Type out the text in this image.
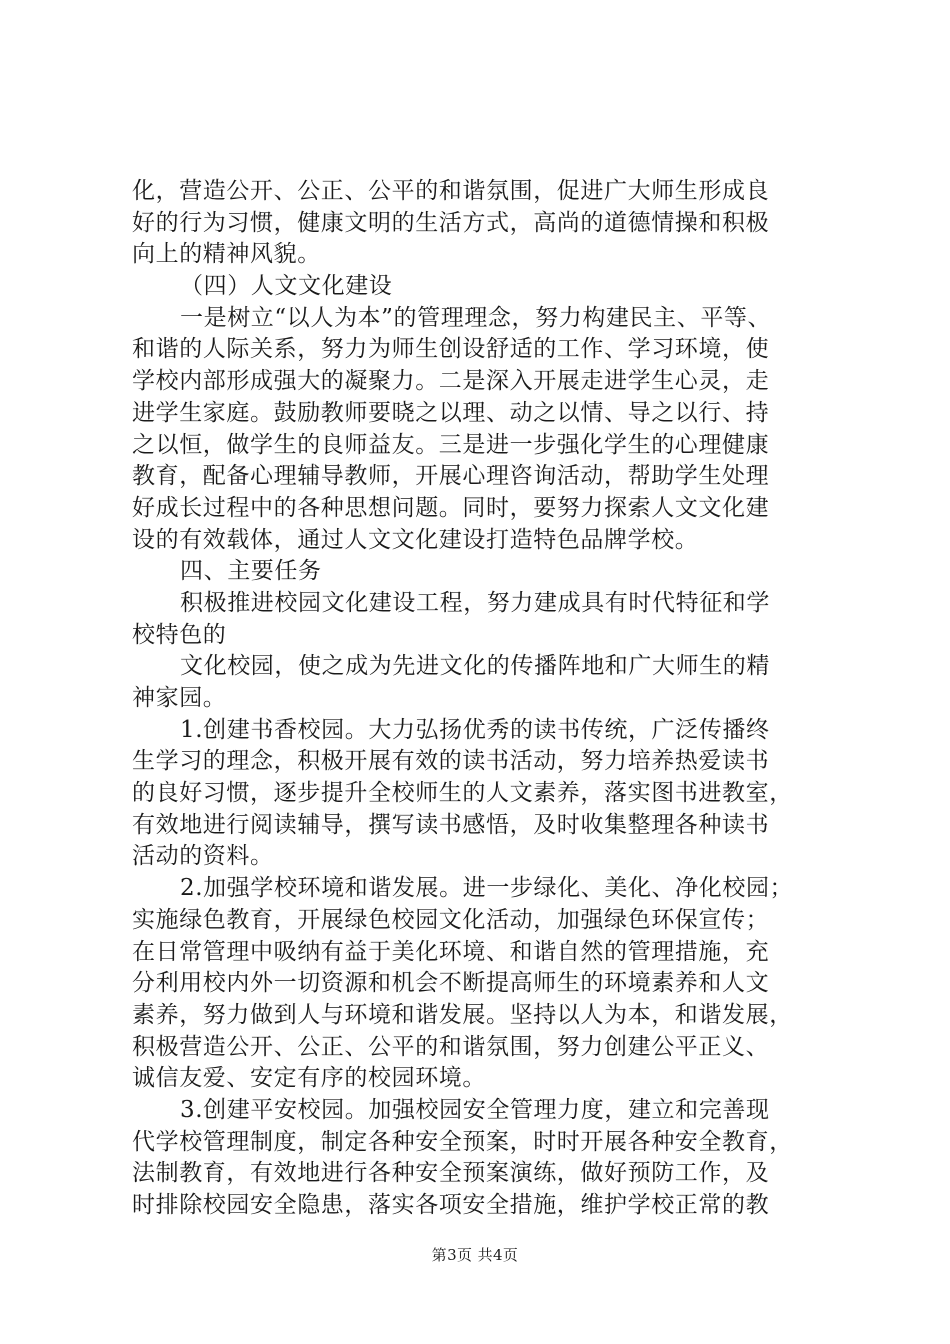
化，营造公开、公正、公平的和谐氛围，促进广大师生形成良
好的行为习惯，健康文明的生活方式，高尚的道德情操和积极
向上的精神风貌。
（四）人文文化建设
一是树立“以人为本”的管理理念，努力构建民主、平等、
和谐的人际关系，努力为师生创设舒适的工作、学习环境，使
学校内部形成强大的凝聚力。二是深入开展走进学生心灵，走
进学生家庭。鼓励教师要晓之以理、动之以情、导之以行、持
之以恒，做学生的良师益友。三是进一步强化学生的心理健康
教育，配备心理辅导教师，开展心理咨询活动，帮助学生处理
好成长过程中的各种思想问题。同时，要努力探索人文文化建
设的有效载体，通过人文文化建设打造特色品牌学校。
四、主要任务
积极推进校园文化建设工程，努力建成具有时代特征和学
校特色的
文化校园，使之成为先进文化的传播阵地和广大师生的精
神家园。
1.创建书香校园。大力弘扬优秀的读书传统，广泛传播终
生学习的理念，积极开展有效的读书活动，努力培养热爱读书
的良好习惯，逐步提升全校师生的人文素养，落实图书进教室，
有效地进行阅读辅导，撰写读书感悟，及时收集整理各种读书
活动的资料。
2.加强学校环境和谐发展。进一步绿化、美化、净化校园；
实施绿色教育，开展绿色校园文化活动，加强绿色环保宣传；
在日常管理中吸纳有益于美化环境、和谐自然的管理措施，充
分利用校内外一切资源和机会不断提高师生的环境素养和人文
素养，努力做到人与环境和谐发展。坚持以人为本，和谐发展，
积极营造公开、公正、公平的和谐氛围，努力创建公平正义、
诚信友爱、安定有序的校园环境。
3.创建平安校园。加强校园安全管理力度，建立和完善现
代学校管理制度，制定各种安全预案，时时开展各种安全教育，
法制教育，有效地进行各种安全预案演练，做好预防工作，及
时排除校园安全隐患，落实各项安全措施，维护学校正常的教
第3页 共4页
